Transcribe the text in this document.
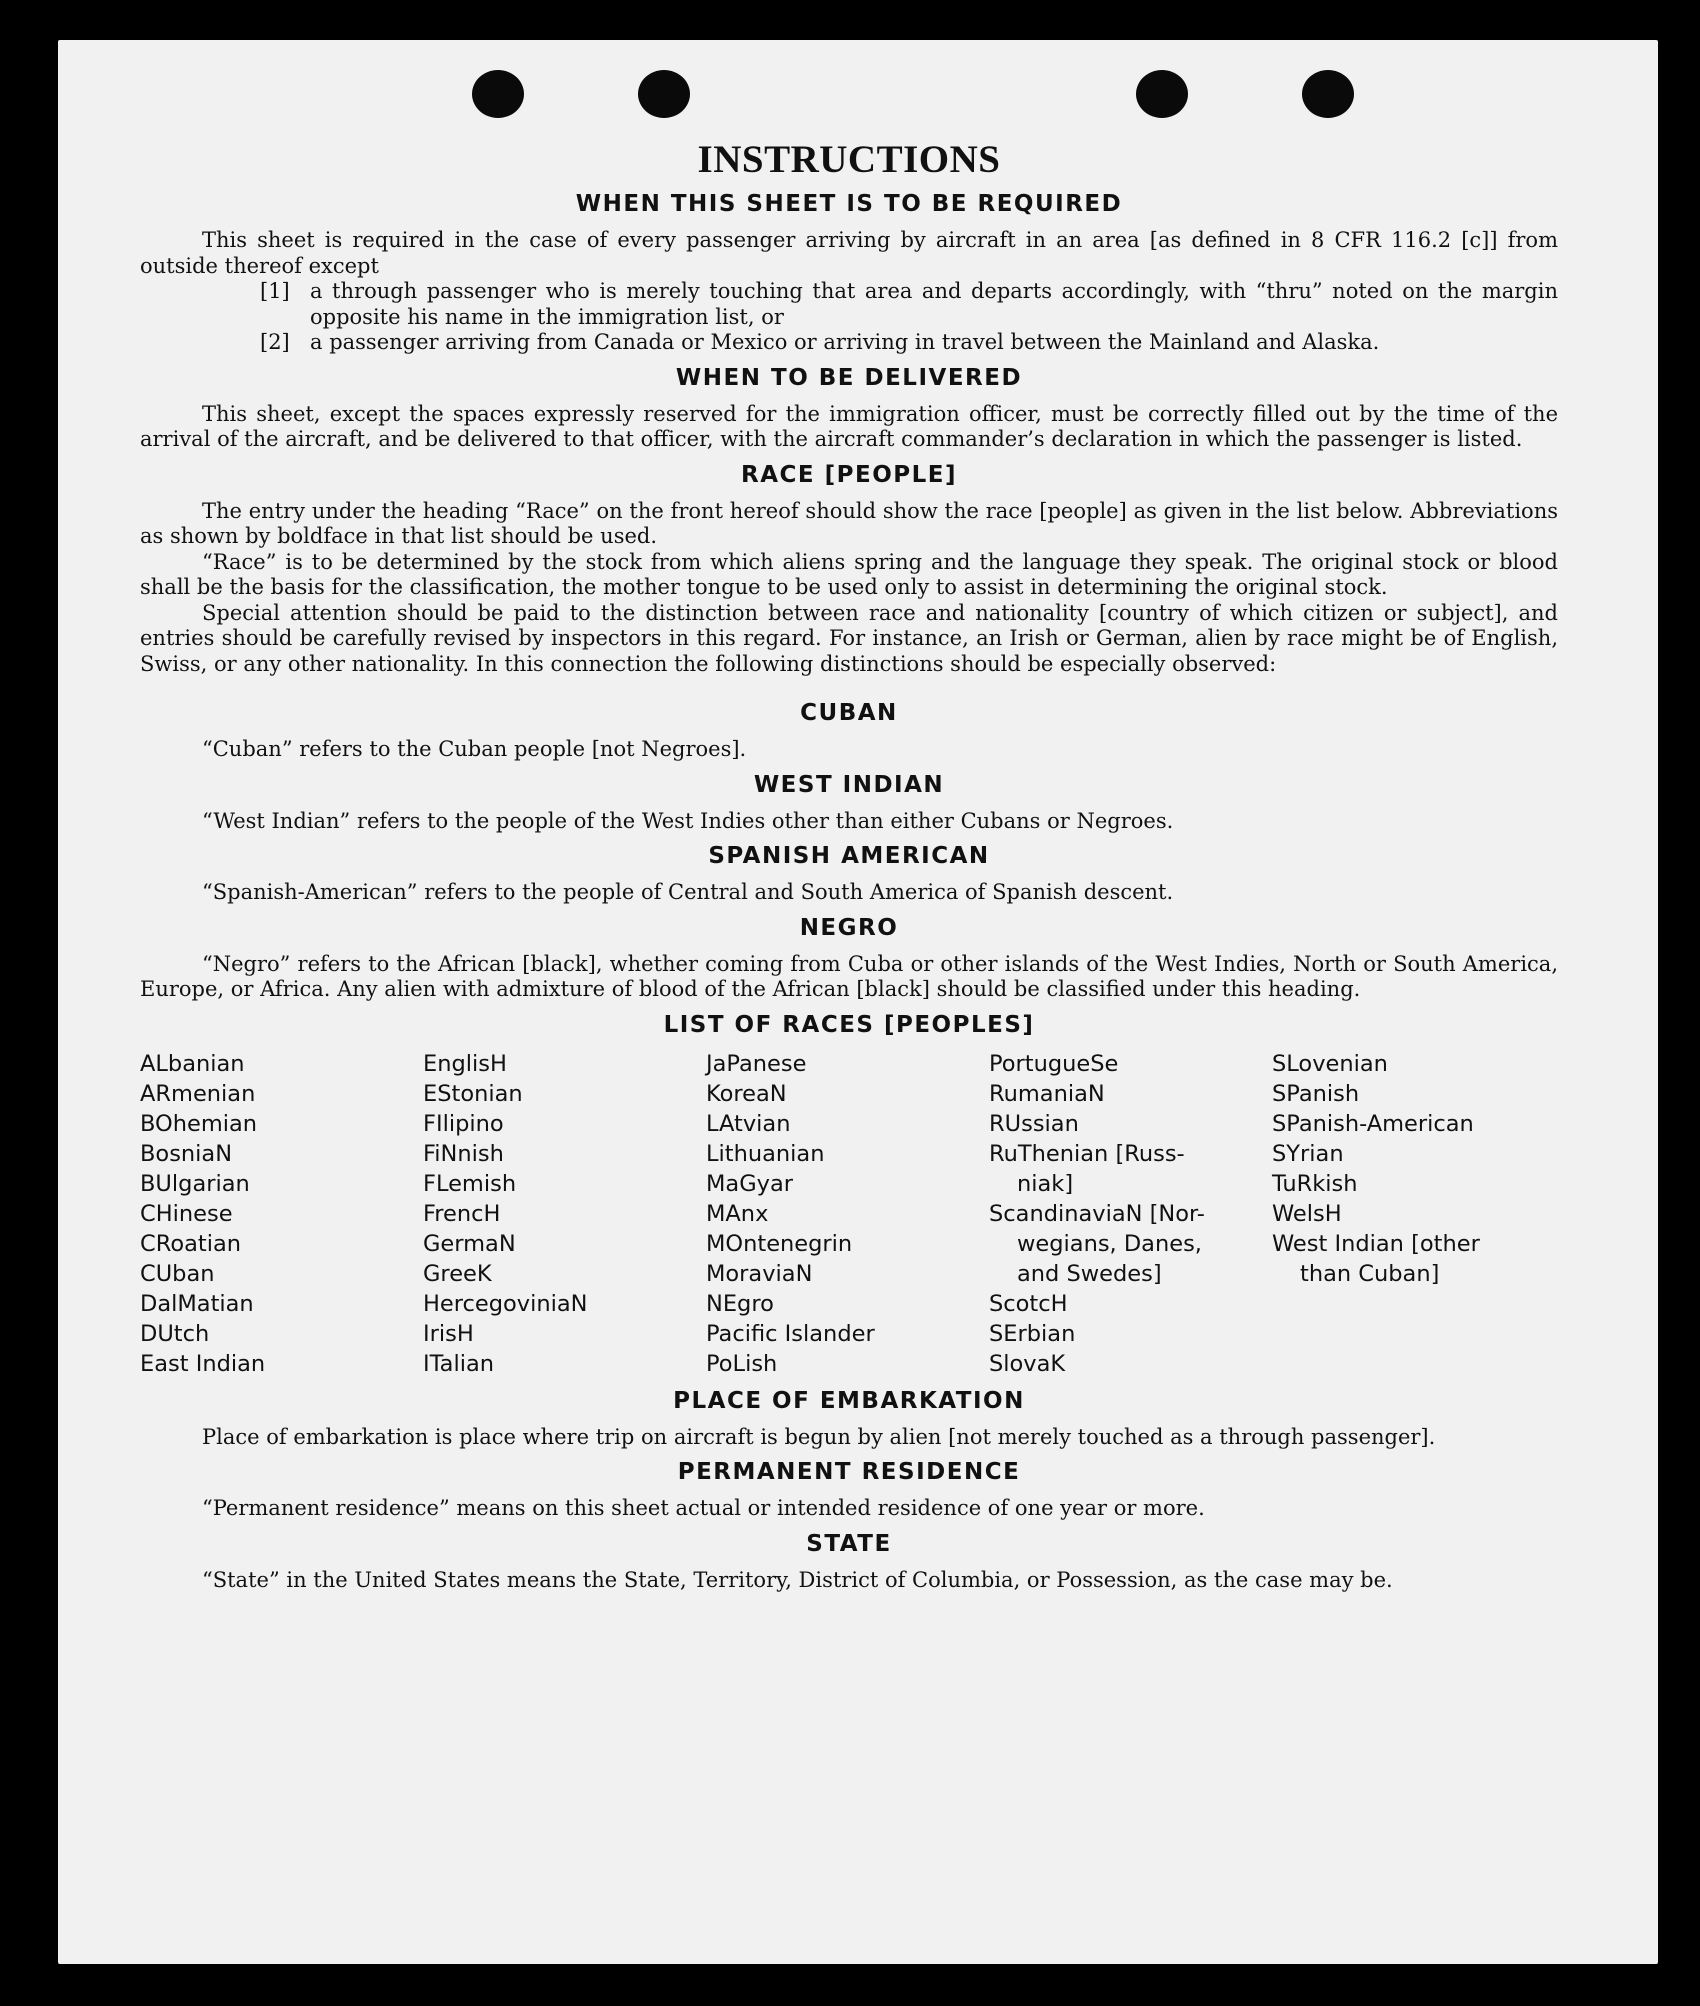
INSTRUCTIONS
WHEN THIS SHEET IS TO BE REQUIRED

This sheet is required in the case of every passenger arriving by aircraft in an area [as defined in 8 CFR 116.2 [c]] from outside thereof except

[1] a through passenger who is merely touching that area and departs accordingly, with “thru” noted on the margin opposite his name in the immigration list, or
[2] a passenger arriving from Canada or Mexico or arriving in travel between the Mainland and Alaska.
WHEN TO BE DELIVERED

This sheet, except the spaces expressly reserved for the immigration officer, must be correctly filled out by the time of the arrival of the aircraft, and be delivered to that officer, with the aircraft commander’s declaration in which the passenger is listed.

RACE [PEOPLE]

The entry under the heading “Race” on the front hereof should show the race [people] as given in the list below. Abbreviations as shown by boldface in that list should be used.

“Race” is to be determined by the stock from which aliens spring and the language they speak. The original stock or blood shall be the basis for the classification, the mother tongue to be used only to assist in determining the original stock.

Special attention should be paid to the distinction between race and nationality [country of which citizen or subject], and entries should be carefully revised by inspectors in this regard. For instance, an Irish or German, alien by race might be of English, Swiss, or any other nationality. In this connection the following distinctions should be especially observed:

CUBAN

“Cuban” refers to the Cuban people [not Negroes].

WEST INDIAN

“West Indian” refers to the people of the West Indies other than either Cubans or Negroes.

SPANISH AMERICAN

“Spanish-American” refers to the people of Central and South America of Spanish descent.

NEGRO

“Negro” refers to the African [black], whether coming from Cuba or other islands of the West Indies, North or South America, Europe, or Africa. Any alien with admixture of blood of the African [black] should be classified under this heading.

LIST OF RACES [PEOPLES]
ALbanian
ARmenian
BOhemian
BosniaN
BUlgarian
CHinese
CRoatian
CUban
DalMatian
DUtch
East Indian
EnglisH
EStonian
FIlipino
FiNnish
FLemish
FrencH
GermaN
GreeK
HercegoviniaN
IrisH
ITalian
JaPanese
KoreaN
LAtvian
Lithuanian
MaGyar
MAnx
MOntenegrin
MoraviaN
NEgro
Pacific Islander
PoLish
PortugueSe
RumaniaN
RUssian
RuThenian [Russ-
niak]
ScandinaviaN [Nor-
wegians, Danes,
and Swedes]
ScotcH
SErbian
SlovaK
SLovenian
SPanish
SPanish-American
SYrian
TuRkish
WelsH
West Indian [other
than Cuban]
PLACE OF EMBARKATION

Place of embarkation is place where trip on aircraft is begun by alien [not merely touched as a through passenger].

PERMANENT RESIDENCE

“Permanent residence” means on this sheet actual or intended residence of one year or more.

STATE

“State” in the United States means the State, Territory, District of Columbia, or Possession, as the case may be.
